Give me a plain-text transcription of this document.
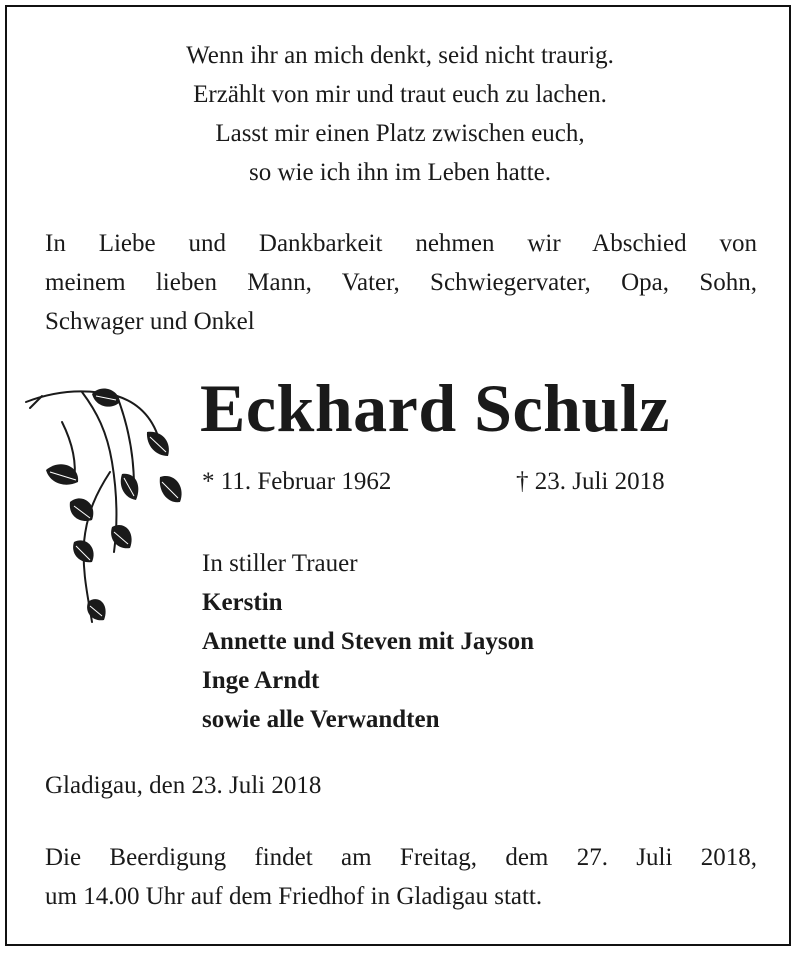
Wenn ihr an mich denkt, seid nicht traurig.
Erzählt von mir und traut euch zu lachen.
Lasst mir einen Platz zwischen euch,
so wie ich ihn im Leben hatte.
In Liebe und Dankbarkeit nehmen wir Abschied von
meinem lieben Mann, Vater, Schwiegervater, Opa, Sohn,
Schwager und Onkel
Eckhard Schulz
* 11. Februar 1962	† 23. Juli 2018
In stiller Trauer
Kerstin
Annette und Steven mit Jayson
Inge Arndt
sowie alle Verwandten
Gladigau, den 23. Juli 2018
Die Beerdigung findet am Freitag, dem 27. Juli 2018,
um 14.00 Uhr auf dem Friedhof in Gladigau statt.
